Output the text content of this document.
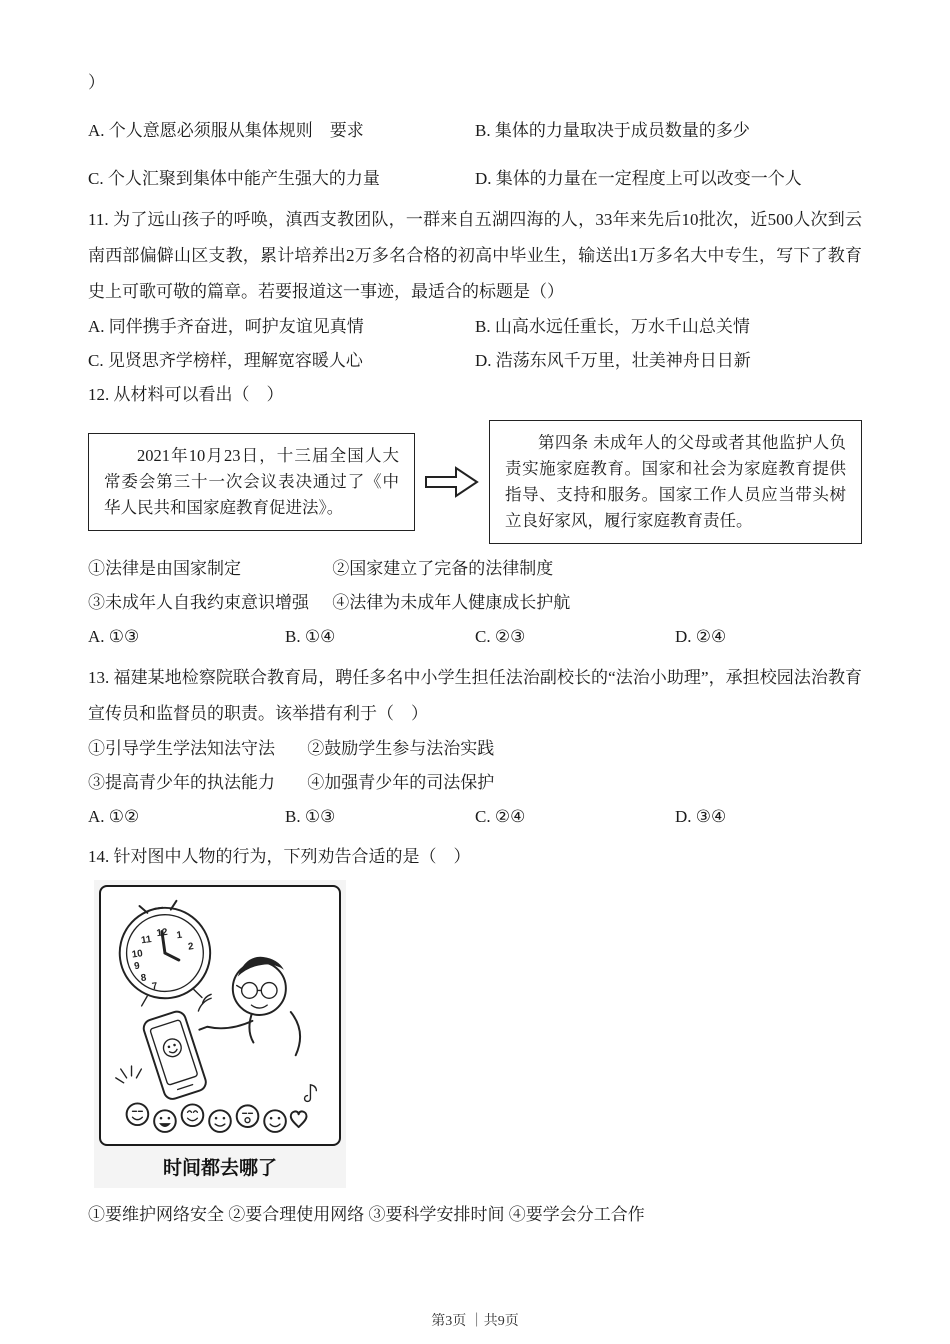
）
A. 个人意愿必须服从集体规则　要求	B. 集体的力量取决于成员数量的多少
C. 个人汇聚到集体中能产生强大的力量	D. 集体的力量在一定程度上可以改变一个人
11. 为了远山孩子的呼唤，滇西支教团队，一群来自五湖四海的人，33年来先后10批次，近500人次到云南西部偏僻山区支教，累计培养出2万多名合格的初高中毕业生，输送出1万多名大中专生，写下了教育史上可歌可敬的篇章。若要报道这一事迹，最适合的标题是（）
A. 同伴携手齐奋进，呵护友谊见真情	B. 山高水远任重长，万水千山总关情
C. 见贤思齐学榜样，理解宽容暖人心	D. 浩荡东风千万里，壮美神舟日日新
12. 从材料可以看出（　）
2021年10月23日，十三届全国人大常委会第三十一次会议表决通过了《中华人民共和国家庭教育促进法》。
第四条 未成年人的父母或者其他监护人负责实施家庭教育。国家和社会为家庭教育提供指导、支持和服务。国家工作人员应当带头树立良好家风，履行家庭教育责任。
①法律是由国家制定	②国家建立了完备的法律制度
③未成年人自我约束意识增强 ④法律为未成年人健康成长护航
A. ①③	B. ①④	C. ②③	D. ②④
13. 福建某地检察院联合教育局，聘任多名中小学生担任法治副校长的“法治小助理”，承担校园法治教育宣传员和监督员的职责。该举措有利于（　）
①引导学生学法知法守法 ②鼓励学生参与法治实践
③提高青少年的执法能力 ④加强青少年的司法保护
A. ①②	B. ①③	C. ②④	D. ③④
14. 针对图中人物的行为，下列劝告合适的是（　）
12 1
2
11
10
9
8
7
时间都去哪了
①要维护网络安全 ②要合理使用网络 ③要科学安排时间 ④要学会分工合作
第3页 ｜共9页
